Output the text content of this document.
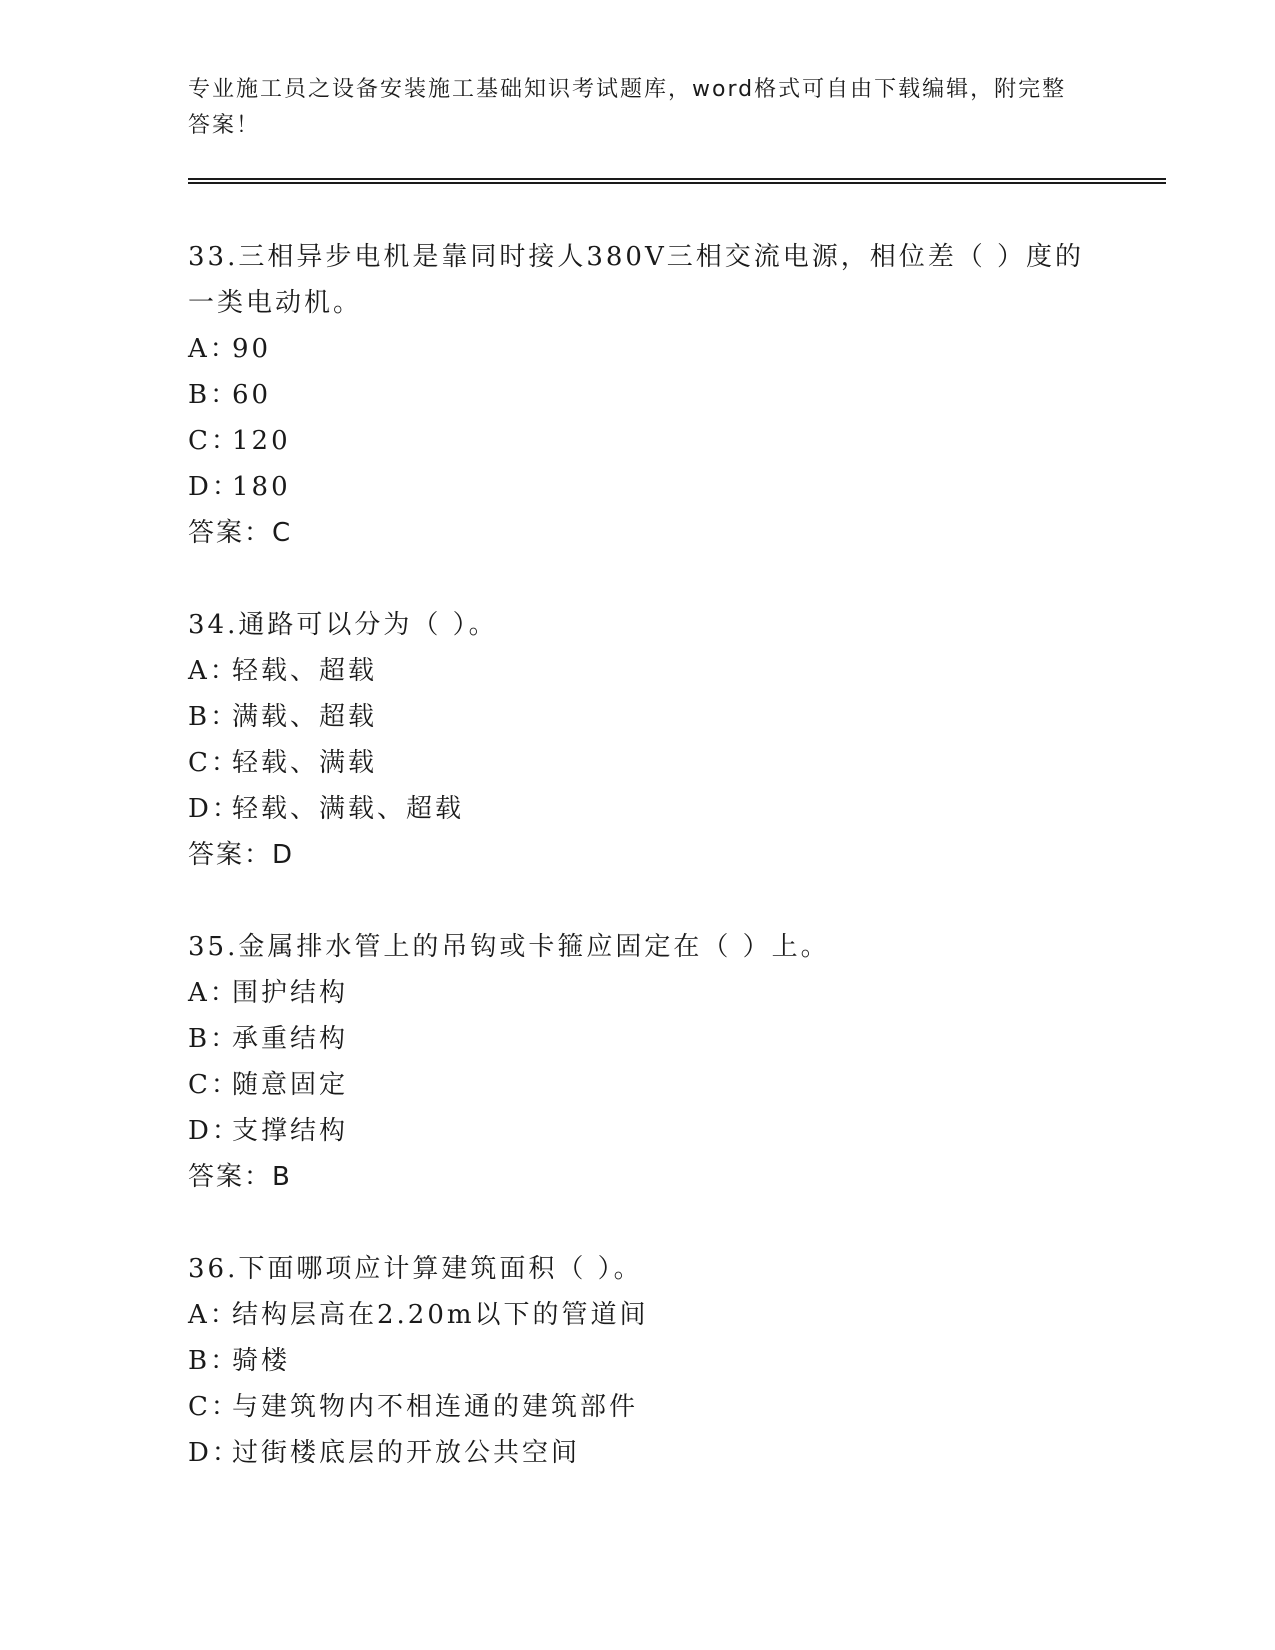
专业施工员之设备安装施工基础知识考试题库，word格式可自由下载编辑，附完整答案！
33.三相异步电机是靠同时接人380V三相交流电源，相位差（ ）度的一类电动机。
A：90
B：60
C：120
D：180
答案：C
34.通路可以分为（ ）。
A：轻载、超载
B：满载、超载
C：轻载、满载
D：轻载、满载、超载
答案：D
35.金属排水管上的吊钩或卡箍应固定在（ ）上。
A：围护结构
B：承重结构
C：随意固定
D：支撑结构
答案：B
36.下面哪项应计算建筑面积（ ）。
A：结构层高在2.20m以下的管道间
B：骑楼
C：与建筑物内不相连通的建筑部件
D：过街楼底层的开放公共空间
